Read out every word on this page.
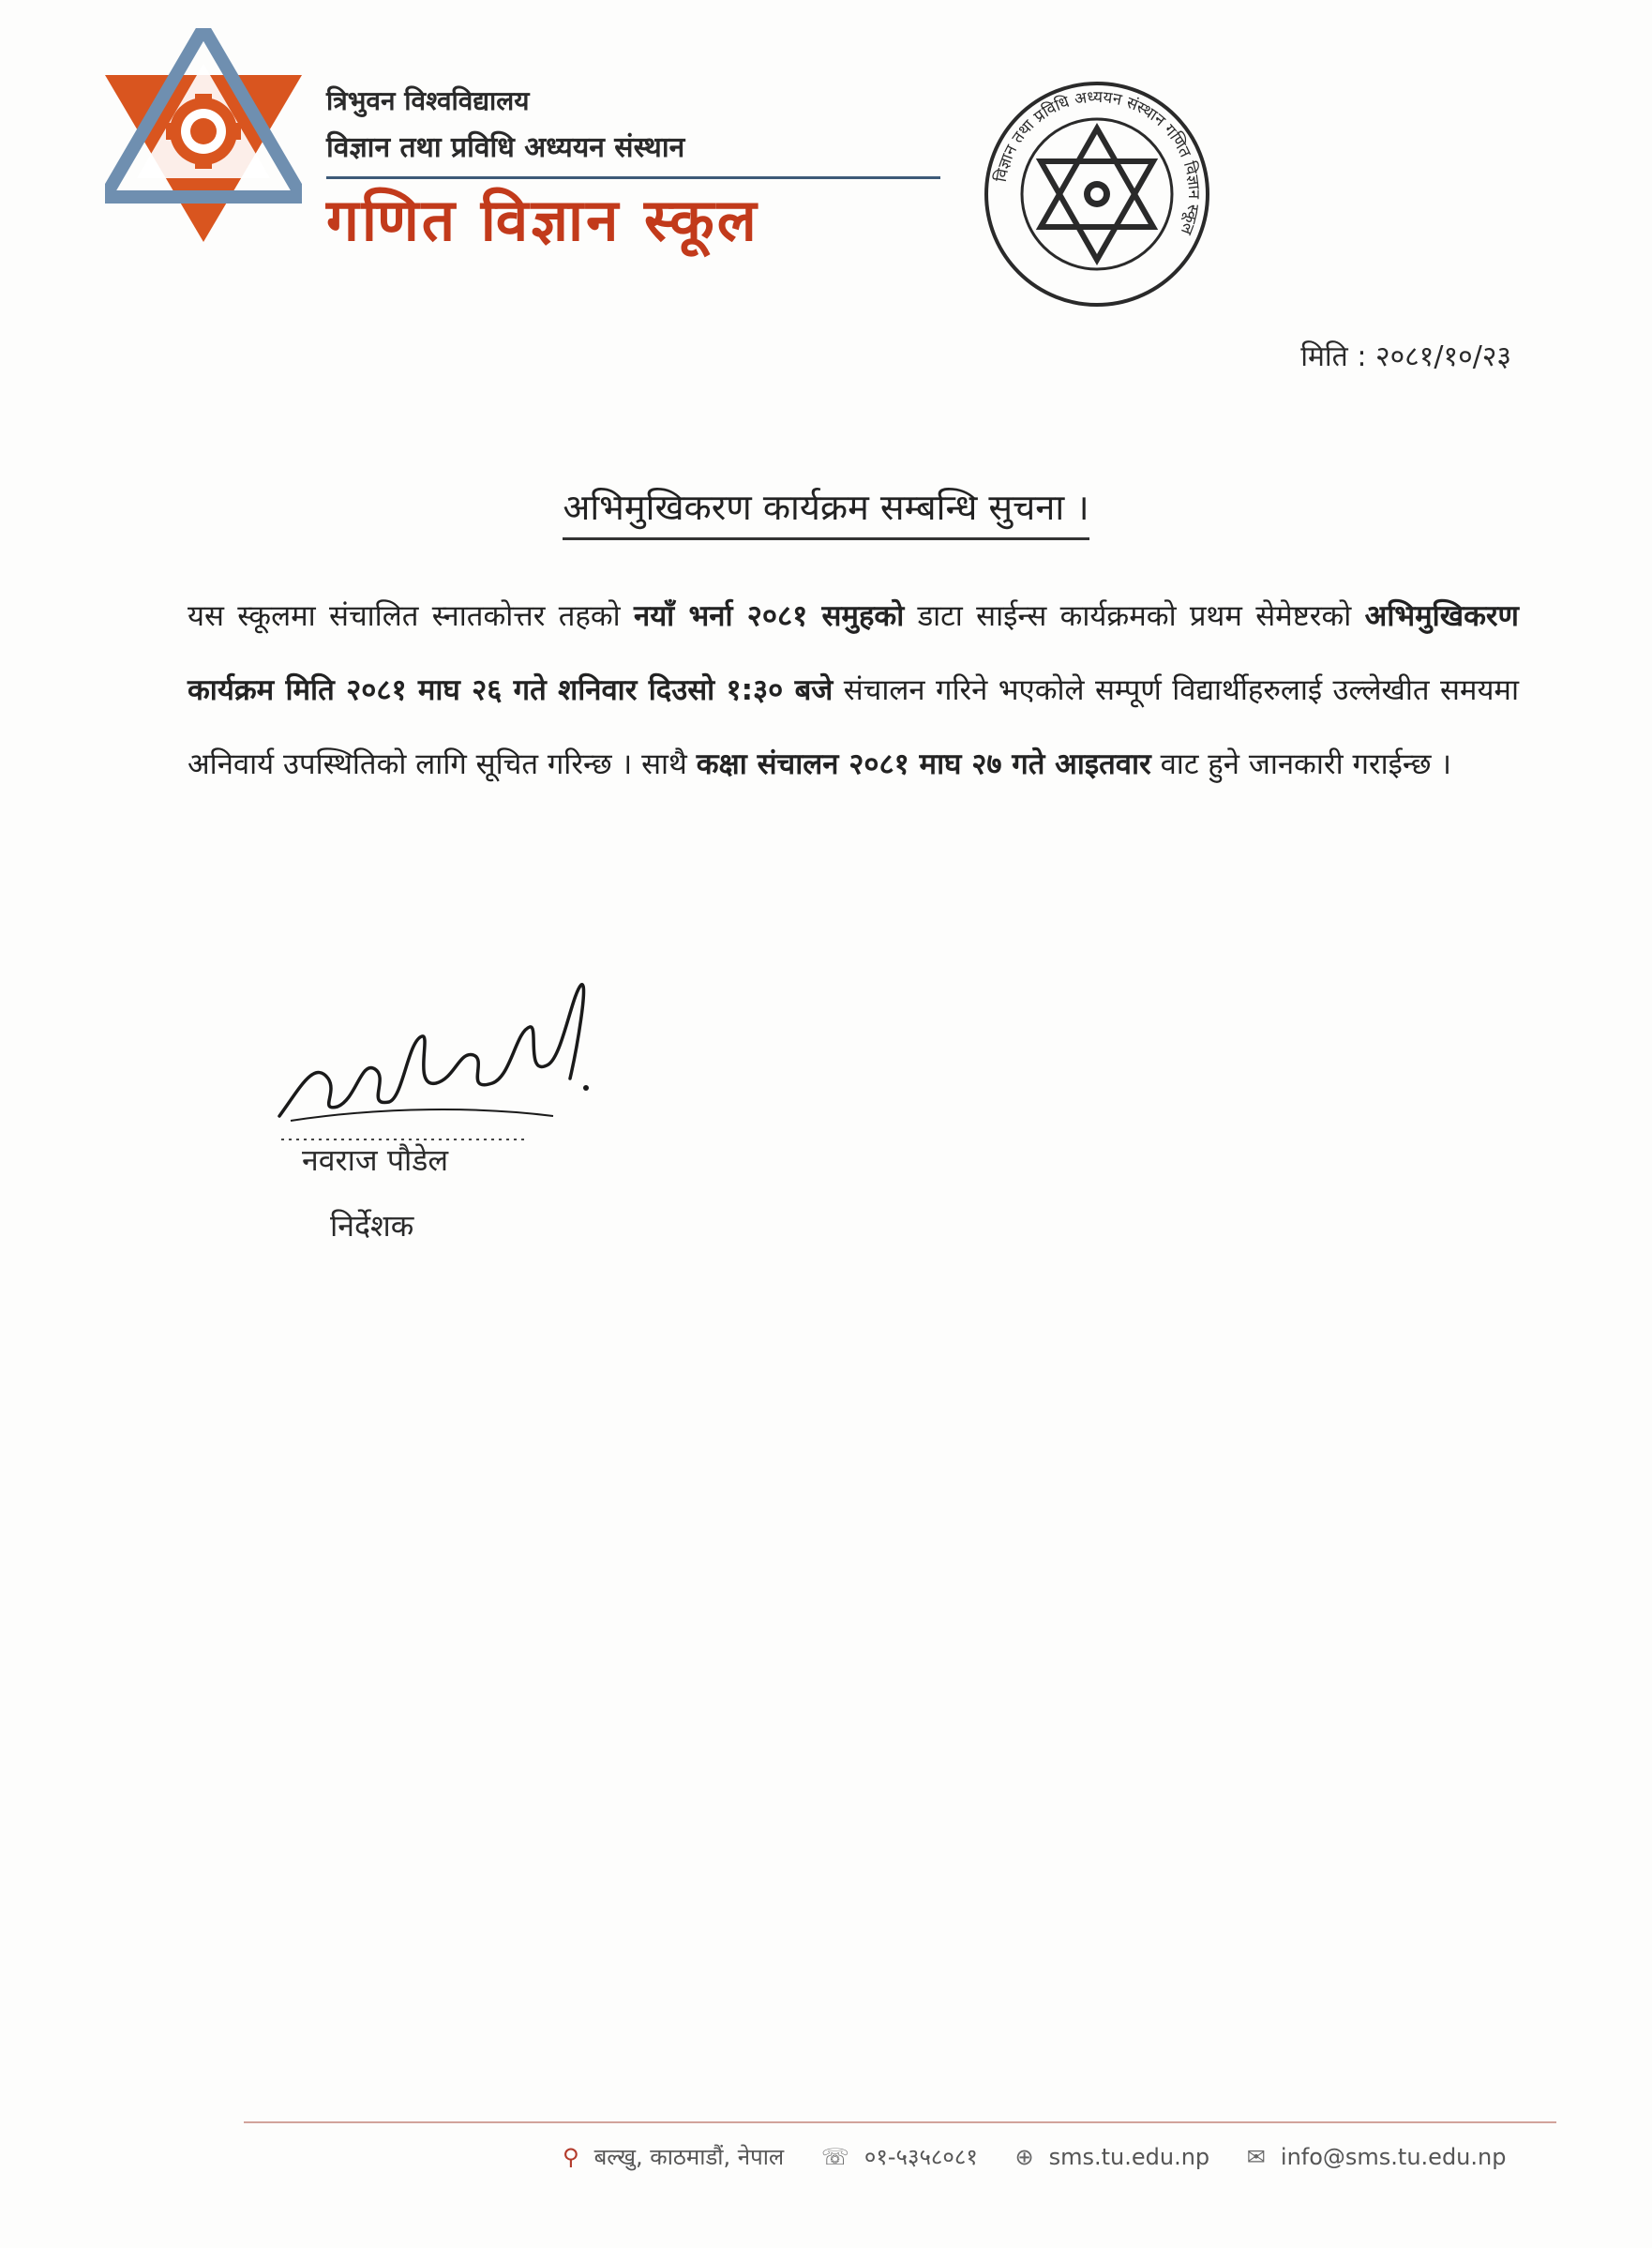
त्रिभुवन विश्वविद्यालय
विज्ञान तथा प्रविधि अध्ययन संस्थान
गणित विज्ञान स्कूल
विज्ञान तथा प्रविधि अध्ययन संस्थान गणित विज्ञान स्कूल
मिति : २०८१/१०/२३
अभिमुखिकरण कार्यक्रम सम्बन्धि सुचना ।
यस स्कूलमा संचालित स्नातकोत्तर तहको नयाँ भर्ना २०८१ समुहको डाटा साईन्स कार्यक्रमको प्रथम सेमेष्टरको अभिमुखिकरण कार्यक्रम मिति २०८१ माघ २६ गते शनिवार दिउसो १:३० बजे संचालन गरिने भएकोले सम्पूर्ण विद्यार्थीहरुलाई उल्लेखीत समयमा अनिवार्य उपस्थितिको लागि सूचित गरिन्छ । साथै कक्षा संचालन २०८१ माघ २७ गते आइतवार वाट हुने जानकारी गराईन्छ ।
नवराज पौडेल
निर्देशक
⚲ बल्खु, काठमाडौं, नेपाल ☏ ०१-५३५८०८१ ⊕ sms.tu.edu.np ✉ info@sms.tu.edu.np
